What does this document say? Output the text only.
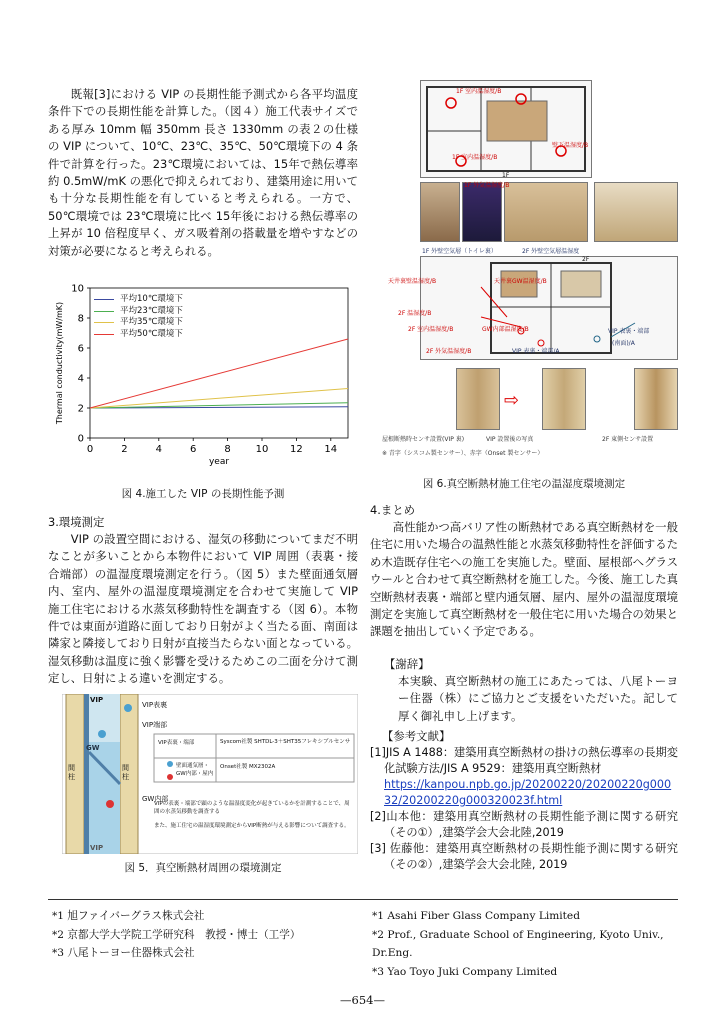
既報[3]における VIP の長期性能予測式から各平均温度条件下での長期性能を計算した。（図４）施工代表サイズである厚み 10mm 幅 350mm 長さ 1330mm の表２の仕様の VIP について、10℃、23℃、35℃、50℃環境下の 4 条件で計算を行った。23℃環境においては、15年で熱伝導率約 0.5mW/mK の悪化で抑えられており、建築用途に用いても十分な長期性能を有していると考えられる。一方で、50℃環境では 23℃環境に比べ 15年後における熱伝導率の上昇が 10 倍程度早く、ガス吸着剤の搭載量を増やすなどの対策が必要になると考えられる。

0	2	4	6	8 10 12 14
0
2
4
6
8
10
year
Thermal conductivity(mW/mK)
平均10℃環境下
平均23℃環境下
平均35℃環境下
平均50℃環境下
図 4.施工した VIP の長期性能予測
3.環境測定

VIP の設置空間における、湿気の移動についてまだ不明なことが多いことから本物件において VIP 周囲（表裏・接合端部）の温湿度環境測定を行う。（図 5）また壁面通気層内、室内、屋外の温湿度環境測定を合わせて実施して VIP 施工住宅における水蒸気移動特性を調査する（図 6）。本物件では東面が道路に面しており日射がよく当たる面、南面は隣家と隣接しており日射が直接当たらない面となっている。湿気移動は温度に強く影響を受けるためこの二面を分けて測定し、日射による違いを測定する。

VIP
VIP
GW
間柱
間柱
VIP表裏
VIP端部
GW内部
VIP表裏・端部	Syscom社製 SHTDL-3＋SHT35フレキシブルセンサ
壁面通気層・GW内部・屋内
Onset社製 MX2302A
VIPの表裏・端部で顕のような温湿度変化が起きているかを計測することで、周囲の水蒸気移動を調査する
また、施工住宅の温湿度環境測定からVIP断熱が与える影響について調査する。
図 5．真空断熱材周囲の環境測定
1F 室内温湿度/B
1F 室内温湿度/B
壁下温湿度/B
1F
1F 外気温湿度/B
1F 外壁空気層（トイレ裏）	2F 外壁空気層温湿度
天井裏壁温湿度/B	天井裏GW温湿度/B
2F 温湿度/B
2F 室内温湿度/B
2F 外気温湿度/B
GW内部温湿度/B	VIP 表裏・端部
VIP 表裏・端部/A
(南面)/A
2F
⇨
屋根断熱時センサ設置(VIP 裏)	VIP 設置後の写真	2F 東側センサ設置
※ 青字（シスコム製センサー）、赤字（Onset 製センサー）
図 6.真空断熱材施工住宅の温湿度環境測定
4.まとめ

高性能かつ高バリア性の断熱材である真空断熱材を一般住宅に用いた場合の温熱性能と水蒸気移動特性を評価するため木造既存住宅への施工を実施した。壁面、屋根部へグラスウールと合わせて真空断熱材を施工した。今後、施工した真空断熱材表裏・端部と壁内通気層、屋内、屋外の温湿度環境測定を実施して真空断熱材を一般住宅に用いた場合の効果と課題を抽出していく予定である。

【謝辞】

本実験、真空断熱材の施工にあたっては、八尾トーヨー住器（株）にご協力とご支援をいただいた。記して厚く御礼申し上げます。

【参考文献】
[1]JIS A 1488：建築用真空断熱材の掛けの熱伝導率の長期変化試験方法/JIS A 9529：建築用真空断熱材
https://kanpou.npb.go.jp/20200220/20200220g00032/20200220g000320023f.html
[2]山本他：建築用真空断熱材の長期性能予測に関する研究（その①）,建築学会大会北陸,2019
[3] 佐藤他：建築用真空断熱材の長期性能予測に関する研究 （その②）,建築学会大会北陸, 2019
*1 旭ファイバーグラス株式会社
*2 京都大学大学院工学研究科　教授・博士（工学）
*3 八尾トーヨー住器株式会社
*1 Asahi Fiber Glass Company Limited
*2 Prof., Graduate School of Engineering, Kyoto Univ., Dr.Eng.
*3 Yao Toyo Juki Company Limited
—654—
